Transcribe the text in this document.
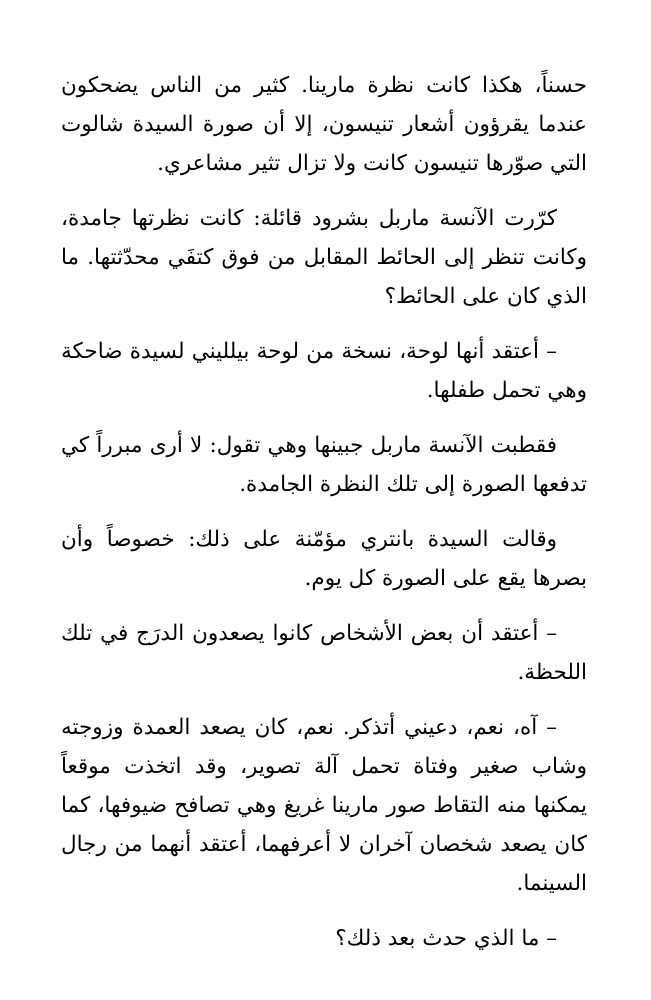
حسناً، هكذا كانت نظرة مارينا. كثير من الناس يضحكون عندما يقرؤون أشعار تنيسون، إلا أن صورة السيدة شالوت التي صوّرها تنيسون كانت ولا تزال تثير مشاعري.

كرّرت الآنسة ماربل بشرود قائلة: كانت نظرتها جامدة، وكانت تنظر إلى الحائط المقابل من فوق كتفَي محدّثتها. ما الذي كان على الحائط؟

– أعتقد أنها لوحة، نسخة من لوحة بيلليني لسيدة ضاحكة وهي تحمل طفلها.

فقطبت الآنسة ماربل جبينها وهي تقول: لا أرى مبرراً كي تدفعها الصورة إلى تلك النظرة الجامدة.

وقالت السيدة بانتري مؤمّنة على ذلك: خصوصاً وأن بصرها يقع على الصورة كل يوم.

– أعتقد أن بعض الأشخاص كانوا يصعدون الدرَج في تلك اللحظة.

– آه، نعم، دعيني أتذكر. نعم، كان يصعد العمدة وزوجته وشاب صغير وفتاة تحمل آلة تصوير، وقد اتخذت موقعاً يمكنها منه التقاط صور مارينا غريغ وهي تصافح ضيوفها، كما كان يصعد شخصان آخران لا أعرفهما، أعتقد أنهما من رجال السينما.

– ما الذي حدث بعد ذلك؟
